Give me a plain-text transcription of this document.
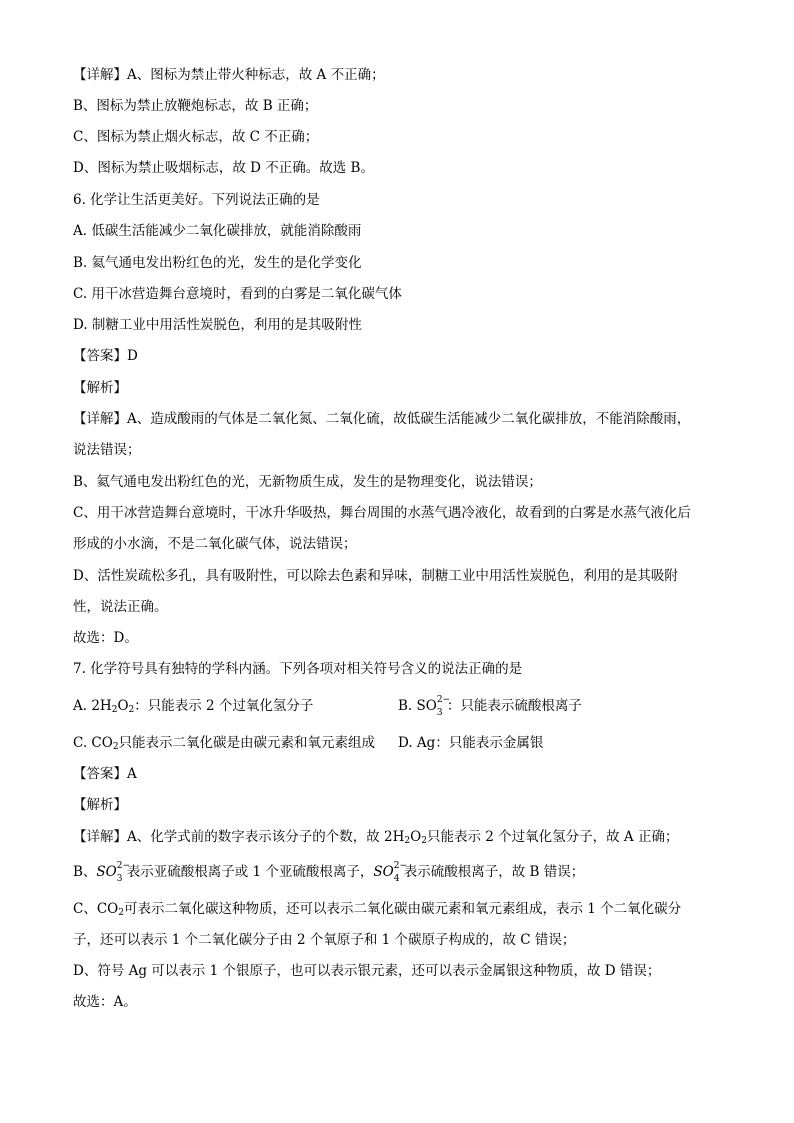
【详解】A、图标为禁止带火种标志，故 A 不正确；

B、图标为禁止放鞭炮标志，故 B 正确；

C、图标为禁止烟火标志，故 C 不正确；

D、图标为禁止吸烟标志，故 D 不正确。故选 B。

6. 化学让生活更美好。下列说法正确的是

A. 低碳生活能减少二氧化碳排放，就能消除酸雨

B. 氦气通电发出粉红色的光，发生的是化学变化

C. 用干冰营造舞台意境时，看到的白雾是二氧化碳气体

D. 制糖工业中用活性炭脱色，利用的是其吸附性

【答案】D

【解析】

【详解】A、造成酸雨的气体是二氧化氮、二氧化硫，故低碳生活能减少二氧化碳排放，不能消除酸雨，

说法错误；

B、氦气通电发出粉红色的光，无新物质生成，发生的是物理变化，说法错误；

C、用干冰营造舞台意境时，干冰升华吸热，舞台周围的水蒸气遇冷液化，故看到的白雾是水蒸气液化后

形成的小水滴，不是二氧化碳气体，说法错误；

D、活性炭疏松多孔，具有吸附性，可以除去色素和异味，制糖工业中用活性炭脱色，利用的是其吸附

性，说法正确。

故选：D。

7. 化学符号具有独特的学科内涵。下列各项对相关符号含义的说法正确的是

A. $2H_2O_2$：只能表示 2 个过氧化氢分子	B. SO 2−
3 ：只能表示硫酸根离子

C. $CO_2$只能表示二氧化碳是由碳元素和氧元素组成 D. Ag：只能表示金属银

【答案】A

【解析】

【详解】A、化学式前的数字表示该分子的个数，故 $2H_2O_2$只能表示 2 个过氧化氢分子，故 A 正确；

B、SO 2−
3 表示亚硫酸根离子或 1 个亚硫酸根离子，SO 2−
4 表示硫酸根离子，故 B 错误；

C、$CO_2$可表示二氧化碳这种物质，还可以表示二氧化碳由碳元素和氧元素组成，表示 1 个二氧化碳分

子，还可以表示 1 个二氧化碳分子由 2 个氧原子和 1 个碳原子构成的，故 C 错误；

D、符号 Ag 可以表示 1 个银原子，也可以表示银元素，还可以表示金属银这种物质，故 D 错误；

故选：A。
